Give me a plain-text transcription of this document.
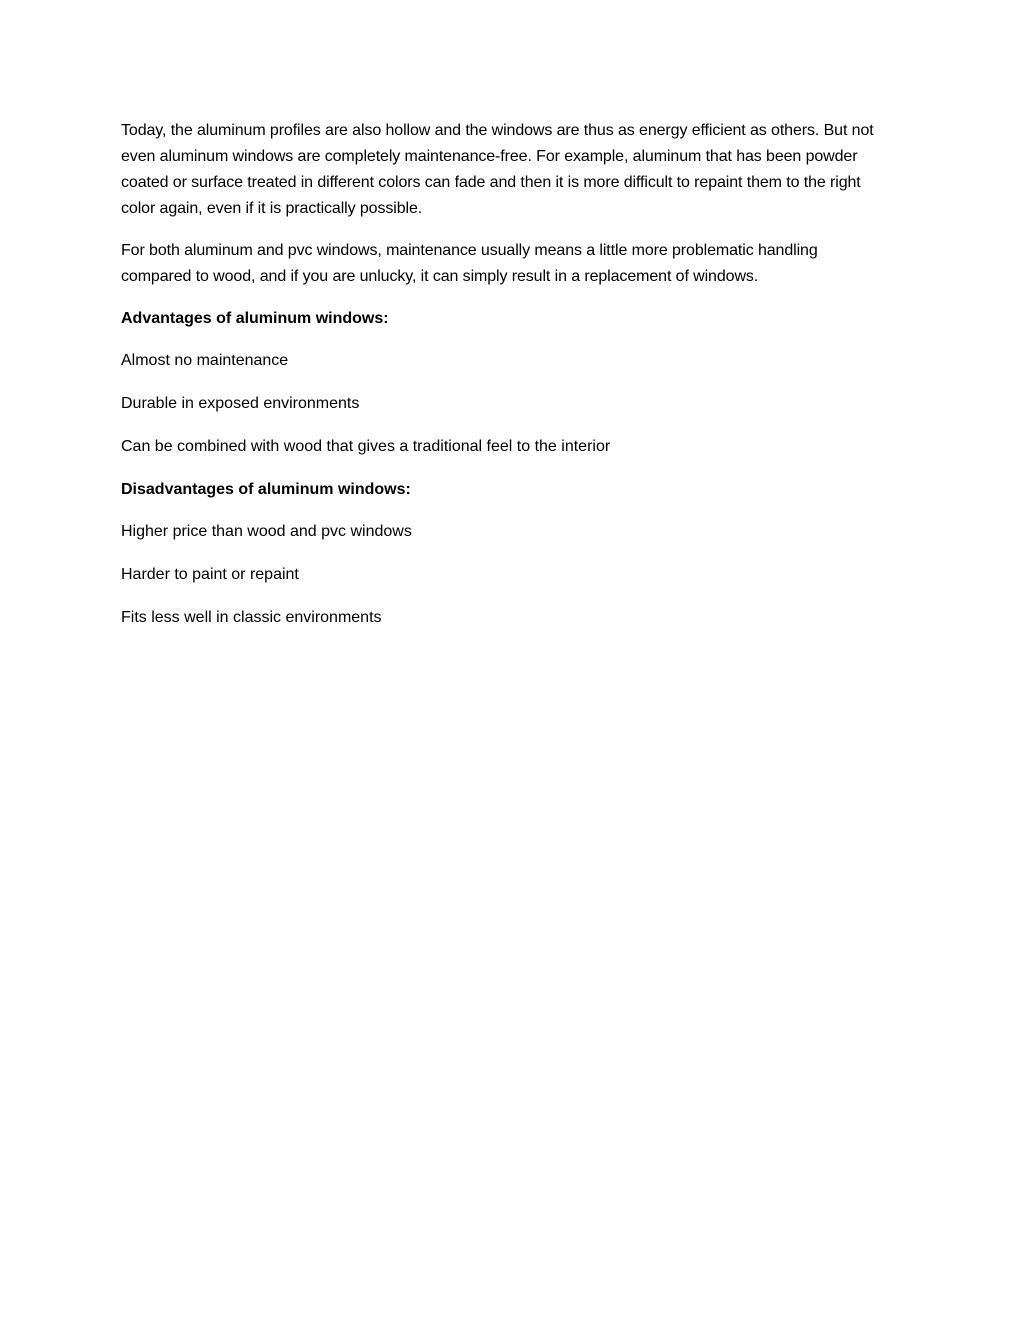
Today, the aluminum profiles are also hollow and the windows are thus as energy efficient as others. But not even aluminum windows are completely maintenance-free. For example, aluminum that has been powder coated or surface treated in different colors can fade and then it is more difficult to repaint them to the right color again, even if it is practically possible.

For both aluminum and pvc windows, maintenance usually means a little more problematic handling compared to wood, and if you are unlucky, it can simply result in a replacement of windows.

Advantages of aluminum windows:

Almost no maintenance

Durable in exposed environments

Can be combined with wood that gives a traditional feel to the interior

Disadvantages of aluminum windows:

Higher price than wood and pvc windows

Harder to paint or repaint

Fits less well in classic environments
